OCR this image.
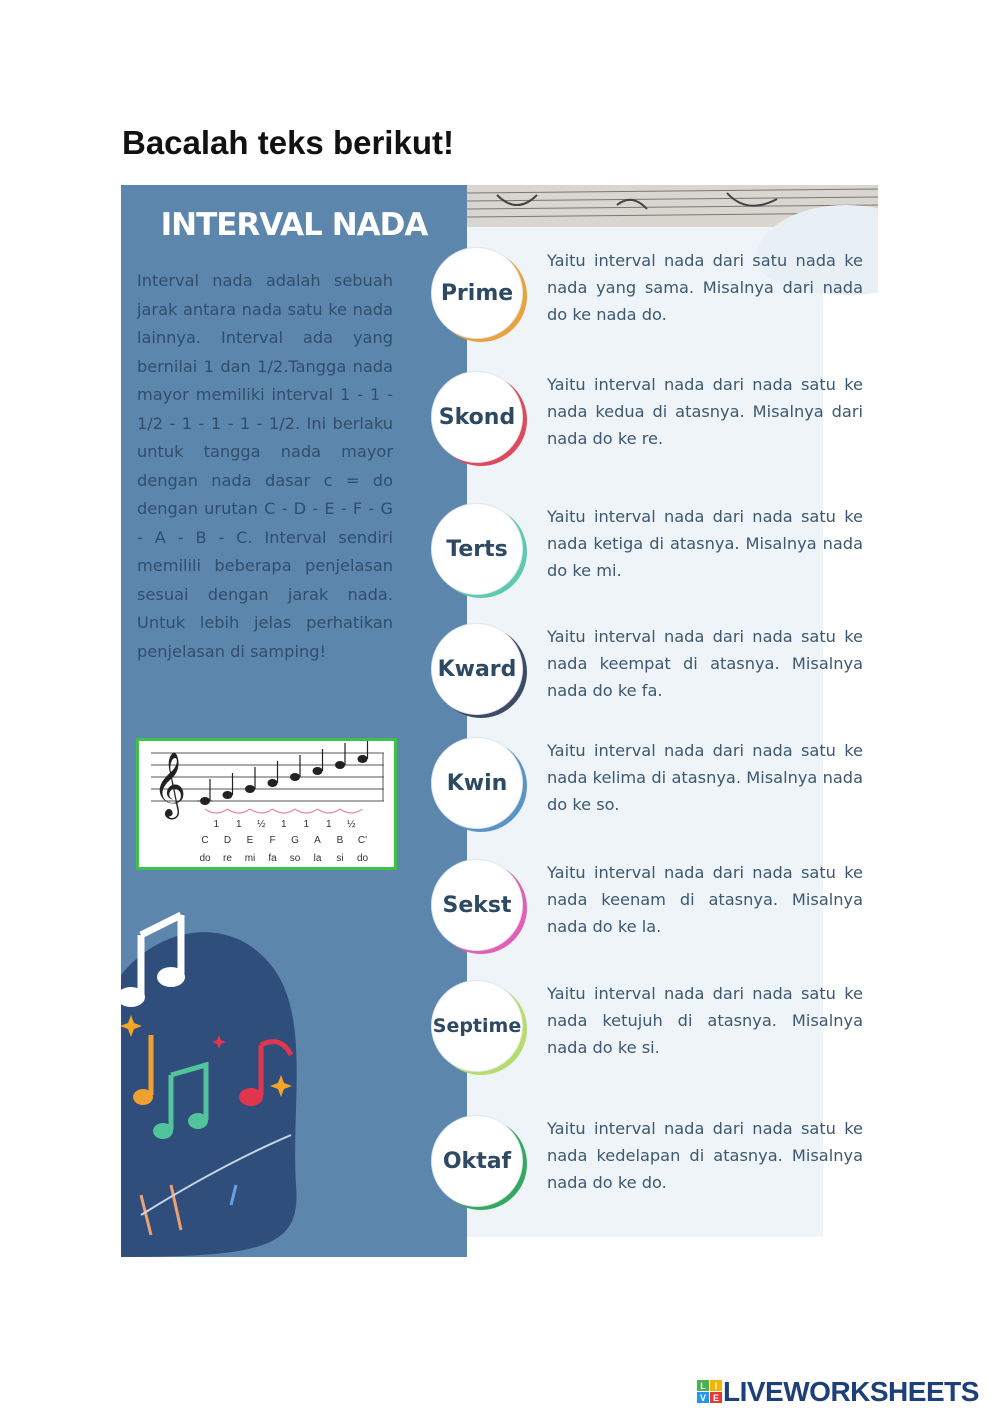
Bacalah teks berikut!
INTERVAL NADA

Interval nada adalah sebuah jarak antara nada satu ke nada lainnya. Interval ada yang bernilai 1 dan 1/2.Tangga nada mayor memiliki interval 1 - 1 - 1/2 - 1 - 1 - 1 - 1/2. Ini berlaku untuk tangga nada mayor dengan nada dasar c = do dengan urutan C - D - E - F - G - A - B - C. Interval sendiri memilili beberapa penjelasan sesuai dengan jarak nada. Untuk lebih jelas perhatikan penjelasan di samping!

𝄞
1 1 ½ 1 1 1 ½
C D E F G A B C'
do re mi fa so la si do
Prime

Yaitu interval nada dari satu nada ke nada yang sama. Misalnya dari nada do ke nada do.

Skond

Yaitu interval nada dari nada satu ke nada kedua di atasnya. Misalnya dari nada do ke re.

Terts

Yaitu interval nada dari nada satu ke nada ketiga di atasnya. Misalnya nada do ke mi.

Kward

Yaitu interval nada dari nada satu ke nada keempat di atasnya. Misalnya nada do ke fa.

Kwin

Yaitu interval nada dari nada satu ke nada kelima di atasnya. Misalnya nada do ke so.

Sekst

Yaitu interval nada dari nada satu ke nada keenam di atasnya. Misalnya nada do ke la.

Septime

Yaitu interval nada dari nada satu ke nada ketujuh di atasnya. Misalnya nada do ke si.

Oktaf

Yaitu interval nada dari nada satu ke nada kedelapan di atasnya. Misalnya nada do ke do.

L I
V E LIVEWORKSHEETS
